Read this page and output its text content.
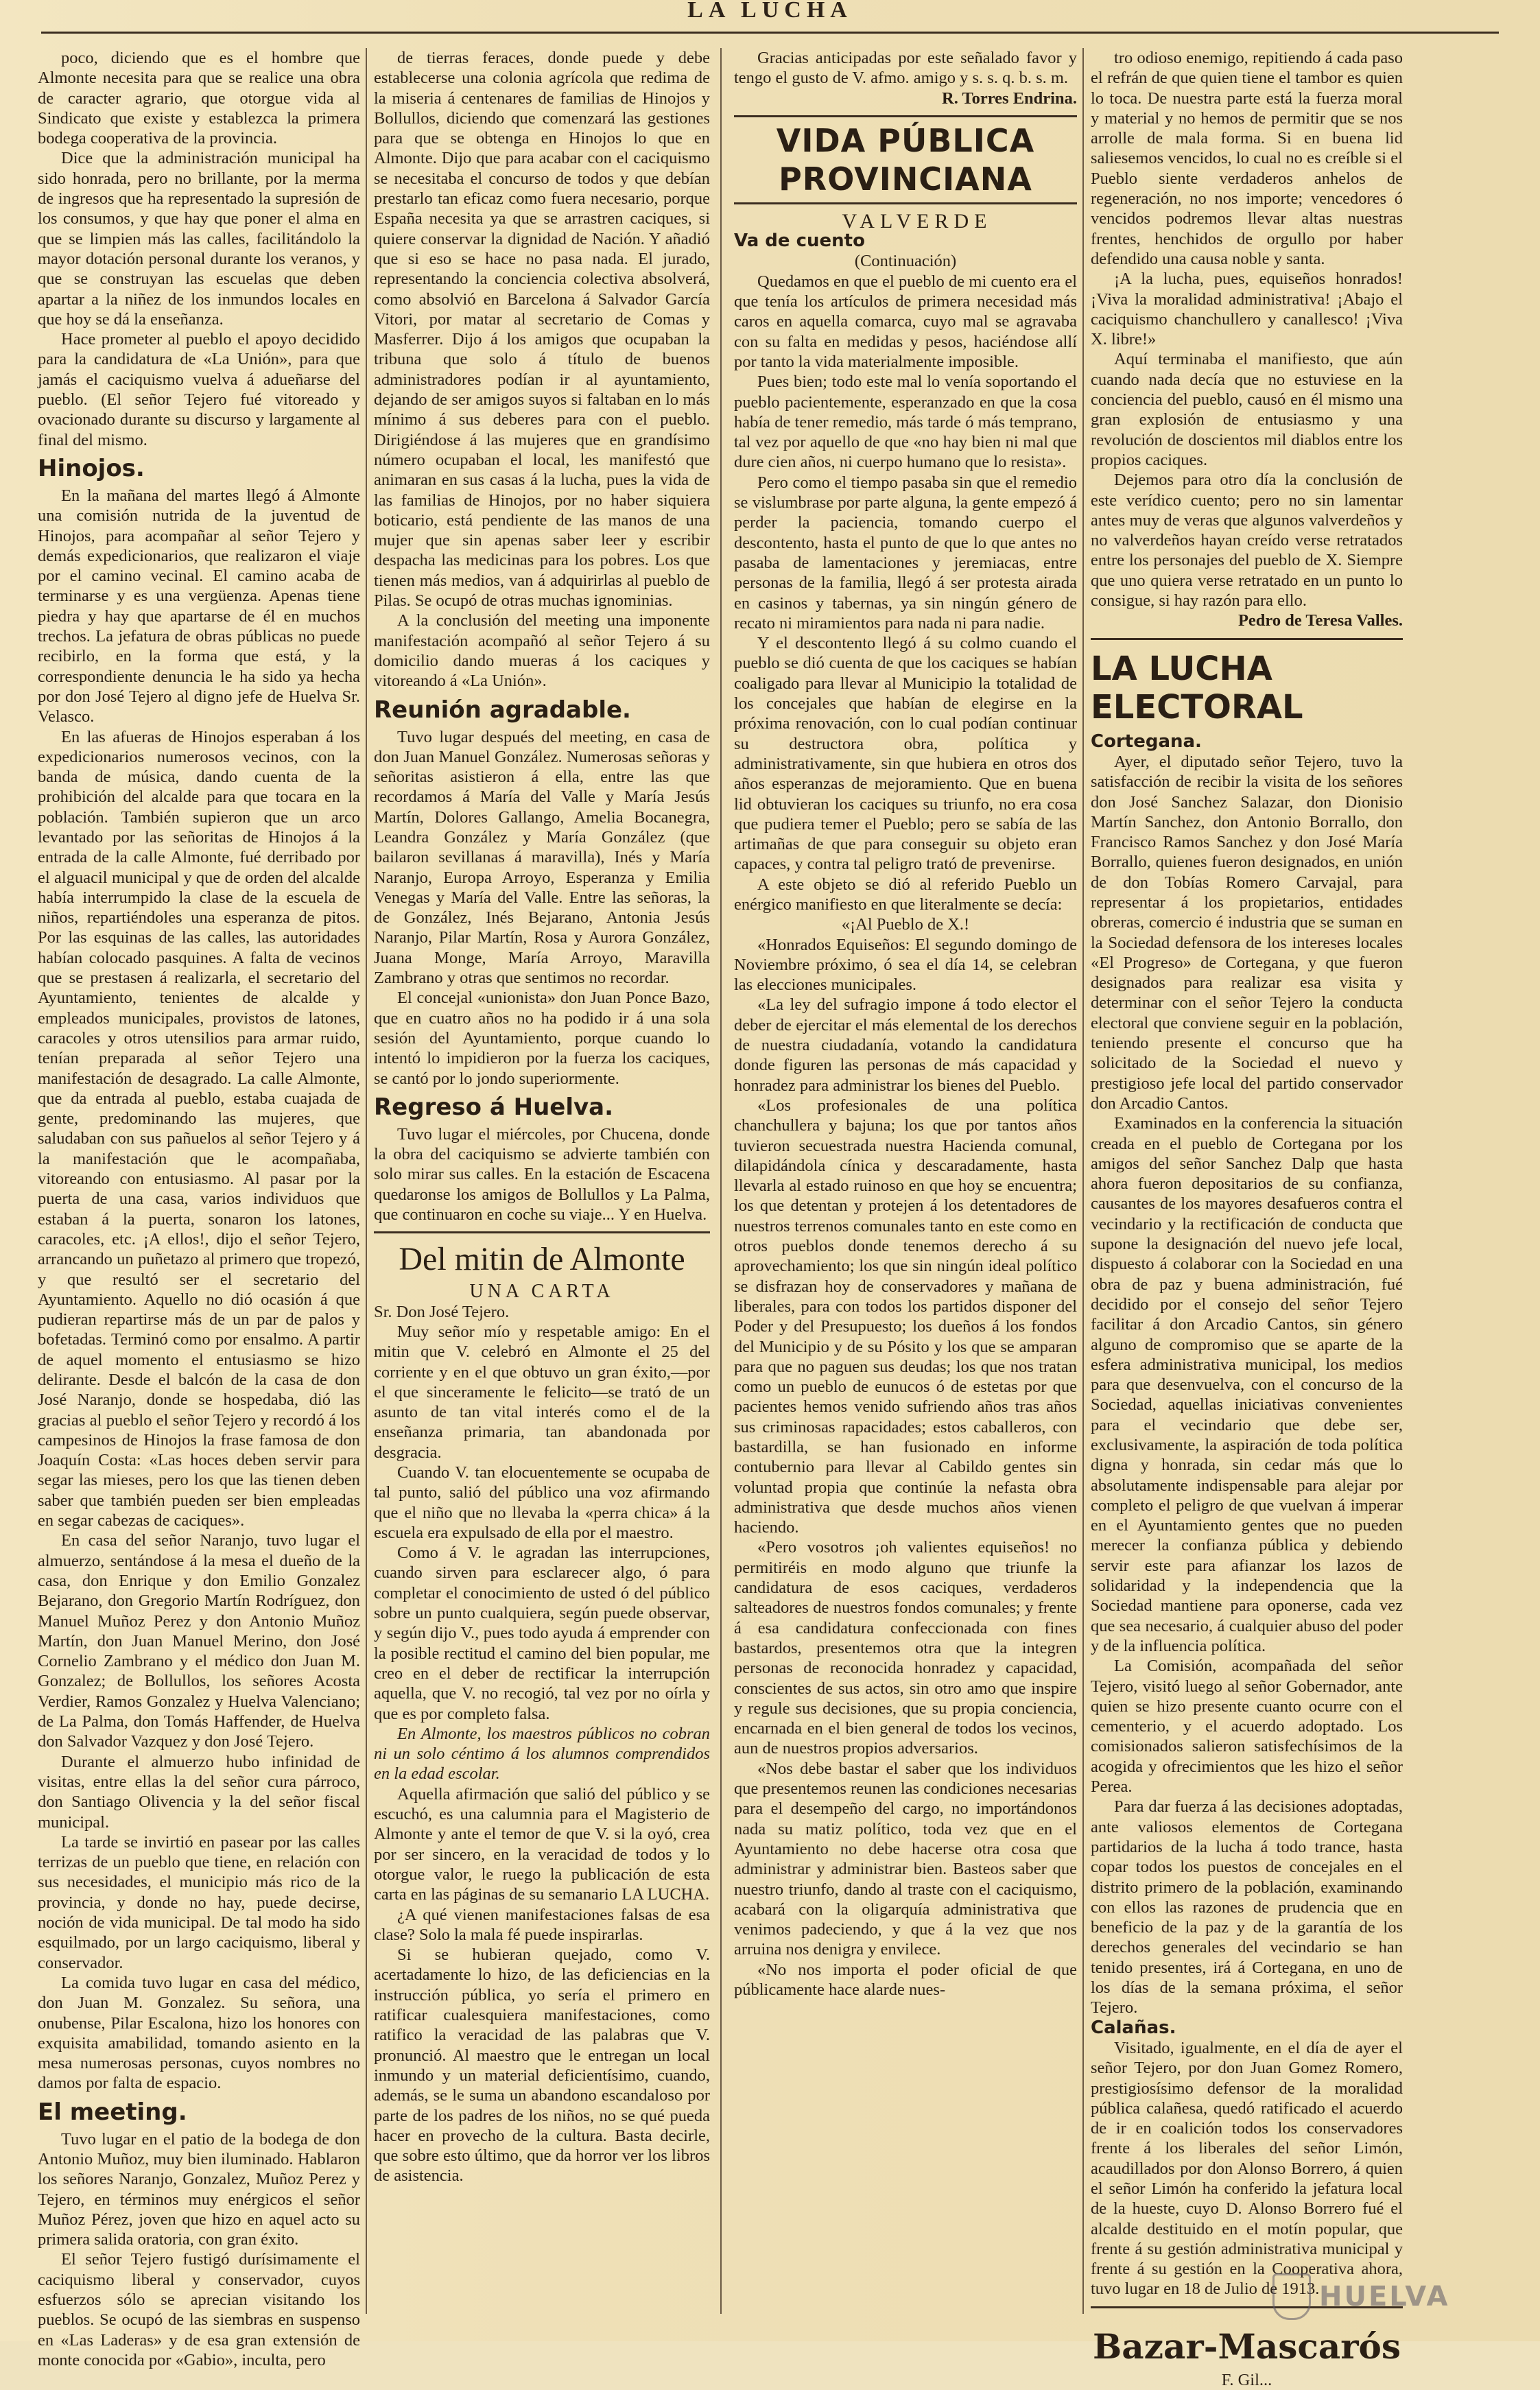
LA LUCHA

poco, diciendo que es el hombre que Almonte necesita para que se realice una obra de caracter agrario, que otorgue vida al Sindicato que existe y establezca la primera bodega cooperativa de la provincia.

Dice que la administración municipal ha sido honrada, pero no brillante, por la merma de ingresos que ha representado la supresión de los consumos, y que hay que poner el alma en que se limpien más las calles, facilitándolo la mayor dotación personal durante los veranos, y que se construyan las escuelas que deben apartar a la niñez de los inmundos locales en que hoy se dá la enseñanza.

Hace prometer al pueblo el apoyo decidido para la candidatura de «La Unión», para que jamás el caciquismo vuelva á adueñarse del pueblo. (El señor Tejero fué vitoreado y ovacionado durante su discurso y largamente al final del mismo.

Hinojos.

En la mañana del martes llegó á Almonte una comisión nutrida de la juventud de Hinojos, para acompañar al señor Tejero y demás expedicionarios, que realizaron el viaje por el camino vecinal. El camino acaba de terminarse y es una vergüenza. Apenas tiene piedra y hay que apartarse de él en muchos trechos. La jefatura de obras públicas no puede recibirlo, en la forma que está, y la correspondiente denuncia le ha sido ya hecha por don José Tejero al digno jefe de Huelva Sr. Velasco.

En las afueras de Hinojos esperaban á los expedicionarios numerosos vecinos, con la banda de música, dando cuenta de la prohibición del alcalde para que tocara en la población. También supieron que un arco levantado por las señoritas de Hinojos á la entrada de la calle Almonte, fué derribado por el alguacil municipal y que de orden del alcalde había interrumpido la clase de la escuela de niños, repartiéndoles una esperanza de pitos. Por las esquinas de las calles, las autoridades habían colocado pasquines. A falta de vecinos que se prestasen á realizarla, el secretario del Ayuntamiento, tenientes de alcalde y empleados municipales, provistos de latones, caracoles y otros utensilios para armar ruido, tenían preparada al señor Tejero una manifestación de desagrado. La calle Almonte, que da entrada al pueblo, estaba cuajada de gente, predominando las mujeres, que saludaban con sus pañuelos al señor Tejero y á la manifestación que le acompañaba, vitoreando con entusiasmo. Al pasar por la puerta de una casa, varios individuos que estaban á la puerta, sonaron los latones, caracoles, etc. ¡A ellos!, dijo el señor Tejero, arrancando un puñetazo al primero que tropezó, y que resultó ser el secretario del Ayuntamiento. Aquello no dió ocasión á que pudieran repartirse más de un par de palos y bofetadas. Terminó como por ensalmo. A partir de aquel momento el entusiasmo se hizo delirante. Desde el balcón de la casa de don José Naranjo, donde se hospedaba, dió las gracias al pueblo el señor Tejero y recordó á los campesinos de Hinojos la frase famosa de don Joaquín Costa: «Las hoces deben servir para segar las mieses, pero los que las tienen deben saber que también pueden ser bien empleadas en segar cabezas de caciques».

En casa del señor Naranjo, tuvo lugar el almuerzo, sentándose á la mesa el dueño de la casa, don Enrique y don Emilio Gonzalez Bejarano, don Gregorio Martín Rodríguez, don Manuel Muñoz Perez y don Antonio Muñoz Martín, don Juan Manuel Merino, don José Cornelio Zambrano y el médico don Juan M. Gonzalez; de Bollullos, los señores Acosta Verdier, Ramos Gonzalez y Huelva Valenciano; de La Palma, don Tomás Haffender, de Huelva don Salvador Vazquez y don José Tejero.

Durante el almuerzo hubo infinidad de visitas, entre ellas la del señor cura párroco, don Santiago Olivencia y la del señor fiscal municipal.

La tarde se invirtió en pasear por las calles terrizas de un pueblo que tiene, en relación con sus necesidades, el municipio más rico de la provincia, y donde no hay, puede decirse, noción de vida municipal. De tal modo ha sido esquilmado, por un largo caciquismo, liberal y conservador.

La comida tuvo lugar en casa del médico, don Juan M. Gonzalez. Su señora, una onubense, Pilar Escalona, hizo los honores con exquisita amabilidad, tomando asiento en la mesa numerosas personas, cuyos nombres no damos por falta de espacio.

El meeting.

Tuvo lugar en el patio de la bodega de don Antonio Muñoz, muy bien iluminado. Hablaron los señores Naranjo, Gonzalez, Muñoz Perez y Tejero, en términos muy enérgicos el señor Muñoz Pérez, joven que hizo en aquel acto su primera salida oratoria, con gran éxito.

El señor Tejero fustigó durísimamente el caciquismo liberal y conservador, cuyos esfuerzos sólo se aprecian visitando los pueblos. Se ocupó de las siembras en suspenso en «Las Laderas» y de esa gran extensión de monte conocida por «Gabio», inculta, pero

de tierras feraces, donde puede y debe establecerse una colonia agrícola que redima de la miseria á centenares de familias de Hinojos y Bollullos, diciendo que comenzará las gestiones para que se obtenga en Hinojos lo que en Almonte. Dijo que para acabar con el caciquismo se necesitaba el concurso de todos y que debían prestarlo tan eficaz como fuera necesario, porque España necesita ya que se arrastren caciques, si quiere conservar la dignidad de Nación. Y añadió que si eso se hace no pasa nada. El jurado, representando la conciencia colectiva absolverá, como absolvió en Barcelona á Salvador García Vitori, por matar al secretario de Comas y Masferrer. Dijo á los amigos que ocupaban la tribuna que solo á título de buenos administradores podían ir al ayuntamiento, dejando de ser amigos suyos si faltaban en lo más mínimo á sus deberes para con el pueblo. Dirigiéndose á las mujeres que en grandísimo número ocupaban el local, les manifestó que animaran en sus casas á la lucha, pues la vida de las familias de Hinojos, por no haber siquiera boticario, está pendiente de las manos de una mujer que sin apenas saber leer y escribir despacha las medicinas para los pobres. Los que tienen más medios, van á adquirirlas al pueblo de Pilas. Se ocupó de otras muchas ignominias.

A la conclusión del meeting una imponente manifestación acompañó al señor Tejero á su domicilio dando mueras á los caciques y vitoreando á «La Unión».

Reunión agradable.

Tuvo lugar después del meeting, en casa de don Juan Manuel González. Numerosas señoras y señoritas asistieron á ella, entre las que recordamos á María del Valle y María Jesús Martín, Dolores Gallango, Amelia Bocanegra, Leandra González y María González (que bailaron sevillanas á maravilla), Inés y María Naranjo, Europa Arroyo, Esperanza y Emilia Venegas y María del Valle. Entre las señoras, la de González, Inés Bejarano, Antonia Jesús Naranjo, Pilar Martín, Rosa y Aurora González, Juana Monge, María Arroyo, Maravilla Zambrano y otras que sentimos no recordar.

El concejal «unionista» don Juan Ponce Bazo, que en cuatro años no ha podido ir á una sola sesión del Ayuntamiento, porque cuando lo intentó lo impidieron por la fuerza los caciques, se cantó por lo jondo superiormente.

Regreso á Huelva.

Tuvo lugar el miércoles, por Chucena, donde la obra del caciquismo se advierte también con solo mirar sus calles. En la estación de Escacena quedaronse los amigos de Bollullos y La Palma, que continuaron en coche su viaje... Y en Huelva.

Del mitin de Almonte

UNA CARTA

Sr. Don José Tejero.

Muy señor mío y respetable amigo: En el mitin que V. celebró en Almonte el 25 del corriente y en el que obtuvo un gran éxito,—por el que sinceramente le felicito—se trató de un asunto de tan vital interés como el de la enseñanza primaria, tan abandonada por desgracia.

Cuando V. tan elocuentemente se ocupaba de tal punto, salió del público una voz afirmando que el niño que no llevaba la «perra chica» á la escuela era expulsado de ella por el maestro.

Como á V. le agradan las interrupciones, cuando sirven para esclarecer algo, ó para completar el conocimiento de usted ó del público sobre un punto cualquiera, según puede observar, y según dijo V., pues todo ayuda á emprender con la posible rectitud el camino del bien popular, me creo en el deber de rectificar la interrupción aquella, que V. no recogió, tal vez por no oírla y que es por completo falsa.

En Almonte, los maestros públicos no cobran ni un solo céntimo á los alumnos comprendidos en la edad escolar.

Aquella afirmación que salió del público y se escuchó, es una calumnia para el Magisterio de Almonte y ante el temor de que V. si la oyó, crea por ser sincero, en la veracidad de todos y lo otorgue valor, le ruego la publicación de esta carta en las páginas de su semanario LA LUCHA.

¿A qué vienen manifestaciones falsas de esa clase? Solo la mala fé puede inspirarlas.

Si se hubieran quejado, como V. acertadamente lo hizo, de las deficiencias en la instrucción pública, yo sería el primero en ratificar cualesquiera manifestaciones, como ratifico la veracidad de las palabras que V. pronunció. Al maestro que le entregan un local inmundo y un material deficientísimo, cuando, además, se le suma un abandono escandaloso por parte de los padres de los niños, no se qué pueda hacer en provecho de la cultura. Basta decirle, que sobre esto último, que da horror ver los libros de asistencia.

Gracias anticipadas por este señalado favor y tengo el gusto de V. afmo. amigo y s. s. q. b. s. m.

R. Torres Endrina.

VIDA PÚBLICA PROVINCIANA

VALVERDE

Va de cuento

(Continuación)

Quedamos en que el pueblo de mi cuento era el que tenía los artículos de primera necesidad más caros en aquella comarca, cuyo mal se agravaba con su falta en medidas y pesos, haciéndose allí por tanto la vida materialmente imposible.

Pues bien; todo este mal lo venía soportando el pueblo pacientemente, esperanzado en que la cosa había de tener remedio, más tarde ó más temprano, tal vez por aquello de que «no hay bien ni mal que dure cien años, ni cuerpo humano que lo resista».

Pero como el tiempo pasaba sin que el remedio se vislumbrase por parte alguna, la gente empezó á perder la paciencia, tomando cuerpo el descontento, hasta el punto de que lo que antes no pasaba de lamentaciones y jeremiacas, entre personas de la familia, llegó á ser protesta airada en casinos y tabernas, ya sin ningún género de recato ni miramientos para nada ni para nadie.

Y el descontento llegó á su colmo cuando el pueblo se dió cuenta de que los caciques se habían coaligado para llevar al Municipio la totalidad de los concejales que habían de elegirse en la próxima renovación, con lo cual podían continuar su destructora obra, política y administrativamente, sin que hubiera en otros dos años esperanzas de mejoramiento. Que en buena lid obtuvieran los caciques su triunfo, no era cosa que pudiera temer el Pueblo; pero se sabía de las artimañas de que para conseguir su objeto eran capaces, y contra tal peligro trató de prevenirse.

A este objeto se dió al referido Pueblo un enérgico manifiesto en que literalmente se decía:

«¡Al Pueblo de X.!

«Honrados Equiseños: El segundo domingo de Noviembre próximo, ó sea el día 14, se celebran las elecciones municipales.

«La ley del sufragio impone á todo elector el deber de ejercitar el más elemental de los derechos de nuestra ciudadanía, votando la candidatura donde figuren las personas de más capacidad y honradez para administrar los bienes del Pueblo.

«Los profesionales de una política chanchullera y bajuna; los que por tantos años tuvieron secuestrada nuestra Hacienda comunal, dilapidándola cínica y descaradamente, hasta llevarla al estado ruinoso en que hoy se encuentra; los que detentan y protejen á los detentadores de nuestros terrenos comunales tanto en este como en otros pueblos donde tenemos derecho á su aprovechamiento; los que sin ningún ideal político se disfrazan hoy de conservadores y mañana de liberales, para con todos los partidos disponer del Poder y del Presupuesto; los dueños á los fondos del Municipio y de su Pósito y los que se amparan para que no paguen sus deudas; los que nos tratan como un pueblo de eunucos ó de estetas por que pacientes hemos venido sufriendo años tras años sus criminosas rapacidades; estos caballeros, con bastardilla, se han fusionado en informe contubernio para llevar al Cabildo gentes sin voluntad propia que continúe la nefasta obra administrativa que desde muchos años vienen haciendo.

«Pero vosotros ¡oh valientes equiseños! no permitiréis en modo alguno que triunfe la candidatura de esos caciques, verdaderos salteadores de nuestros fondos comunales; y frente á esa candidatura confeccionada con fines bastardos, presentemos otra que la integren personas de reconocida honradez y capacidad, conscientes de sus actos, sin otro amo que inspire y regule sus decisiones, que su propia conciencia, encarnada en el bien general de todos los vecinos, aun de nuestros propios adversarios.

«Nos debe bastar el saber que los individuos que presentemos reunen las condiciones necesarias para el desempeño del cargo, no importándonos nada su matiz político, toda vez que en el Ayuntamiento no debe hacerse otra cosa que administrar y administrar bien. Basteos saber que nuestro triunfo, dando al traste con el caciquismo, acabará con la oligarquía administrativa que venimos padeciendo, y que á la vez que nos arruina nos denigra y envilece.

«No nos importa el poder oficial de que públicamente hace alarde nues-

tro odioso enemigo, repitiendo á cada paso el refrán de que quien tiene el tambor es quien lo toca. De nuestra parte está la fuerza moral y material y no hemos de permitir que se nos arrolle de mala forma. Si en buena lid saliesemos vencidos, lo cual no es creíble si el Pueblo siente verdaderos anhelos de regeneración, no nos importe; vencedores ó vencidos podremos llevar altas nuestras frentes, henchidos de orgullo por haber defendido una causa noble y santa.

¡A la lucha, pues, equiseños honrados! ¡Viva la moralidad administrativa! ¡Abajo el caciquismo chanchullero y canallesco! ¡Viva X. libre!»

Aquí terminaba el manifiesto, que aún cuando nada decía que no estuviese en la conciencia del pueblo, causó en él mismo una gran explosión de entusiasmo y una revolución de doscientos mil diablos entre los propios caciques.

Dejemos para otro día la conclusión de este verídico cuento; pero no sin lamentar antes muy de veras que algunos valverdeños y no valverdeños hayan creído verse retratados entre los personajes del pueblo de X. Siempre que uno quiera verse retratado en un punto lo consigue, si hay razón para ello.

Pedro de Teresa Valles.

LA LUCHA ELECTORAL

Cortegana.

Ayer, el diputado señor Tejero, tuvo la satisfacción de recibir la visita de los señores don José Sanchez Salazar, don Dionisio Martín Sanchez, don Antonio Borrallo, don Francisco Ramos Sanchez y don José María Borrallo, quienes fueron designados, en unión de don Tobías Romero Carvajal, para representar á los propietarios, entidades obreras, comercio é industria que se suman en la Sociedad defensora de los intereses locales «El Progreso» de Cortegana, y que fueron designados para realizar esa visita y determinar con el señor Tejero la conducta electoral que conviene seguir en la población, teniendo presente el concurso que ha solicitado de la Sociedad el nuevo y prestigioso jefe local del partido conservador don Arcadio Cantos.

Examinados en la conferencia la situación creada en el pueblo de Cortegana por los amigos del señor Sanchez Dalp que hasta ahora fueron depositarios de su confianza, causantes de los mayores desafueros contra el vecindario y la rectificación de conducta que supone la designación del nuevo jefe local, dispuesto á colaborar con la Sociedad en una obra de paz y buena administración, fué decidido por el consejo del señor Tejero facilitar á don Arcadio Cantos, sin género alguno de compromiso que se aparte de la esfera administrativa municipal, los medios para que desenvuelva, con el concurso de la Sociedad, aquellas iniciativas convenientes para el vecindario que debe ser, exclusivamente, la aspiración de toda política digna y honrada, sin cedar más que lo absolutamente indispensable para alejar por completo el peligro de que vuelvan á imperar en el Ayuntamiento gentes que no pueden merecer la confianza pública y debiendo servir este para afianzar los lazos de solidaridad y la independencia que la Sociedad mantiene para oponerse, cada vez que sea necesario, á cualquier abuso del poder y de la influencia política.

La Comisión, acompañada del señor Tejero, visitó luego al señor Gobernador, ante quien se hizo presente cuanto ocurre con el cementerio, y el acuerdo adoptado. Los comisionados salieron satisfechísimos de la acogida y ofrecimientos que les hizo el señor Perea.

Para dar fuerza á las decisiones adoptadas, ante valiosos elementos de Cortegana partidarios de la lucha á todo trance, hasta copar todos los puestos de concejales en el distrito primero de la población, examinando con ellos las razones de prudencia que en beneficio de la paz y de la garantía de los derechos generales del vecindario se han tenido presentes, irá á Cortegana, en uno de los días de la semana próxima, el señor Tejero.

Calañas.

Visitado, igualmente, en el día de ayer el señor Tejero, por don Juan Gomez Romero, prestigiosísimo defensor de la moralidad pública calañesa, quedó ratificado el acuerdo de ir en coalición todos los conservadores frente á los liberales del señor Limón, acaudillados por don Alonso Borrero, á quien el señor Limón ha conferido la jefatura local de la hueste, cuyo D. Alonso Borrero fué el alcalde destituido en el motín popular, que frente á su gestión administrativa municipal y frente á su gestión en la Cooperativa ahora, tuvo lugar en 18 de Julio de 1913.

Bazar-Mascarós

F. Gil...

HUELVA
